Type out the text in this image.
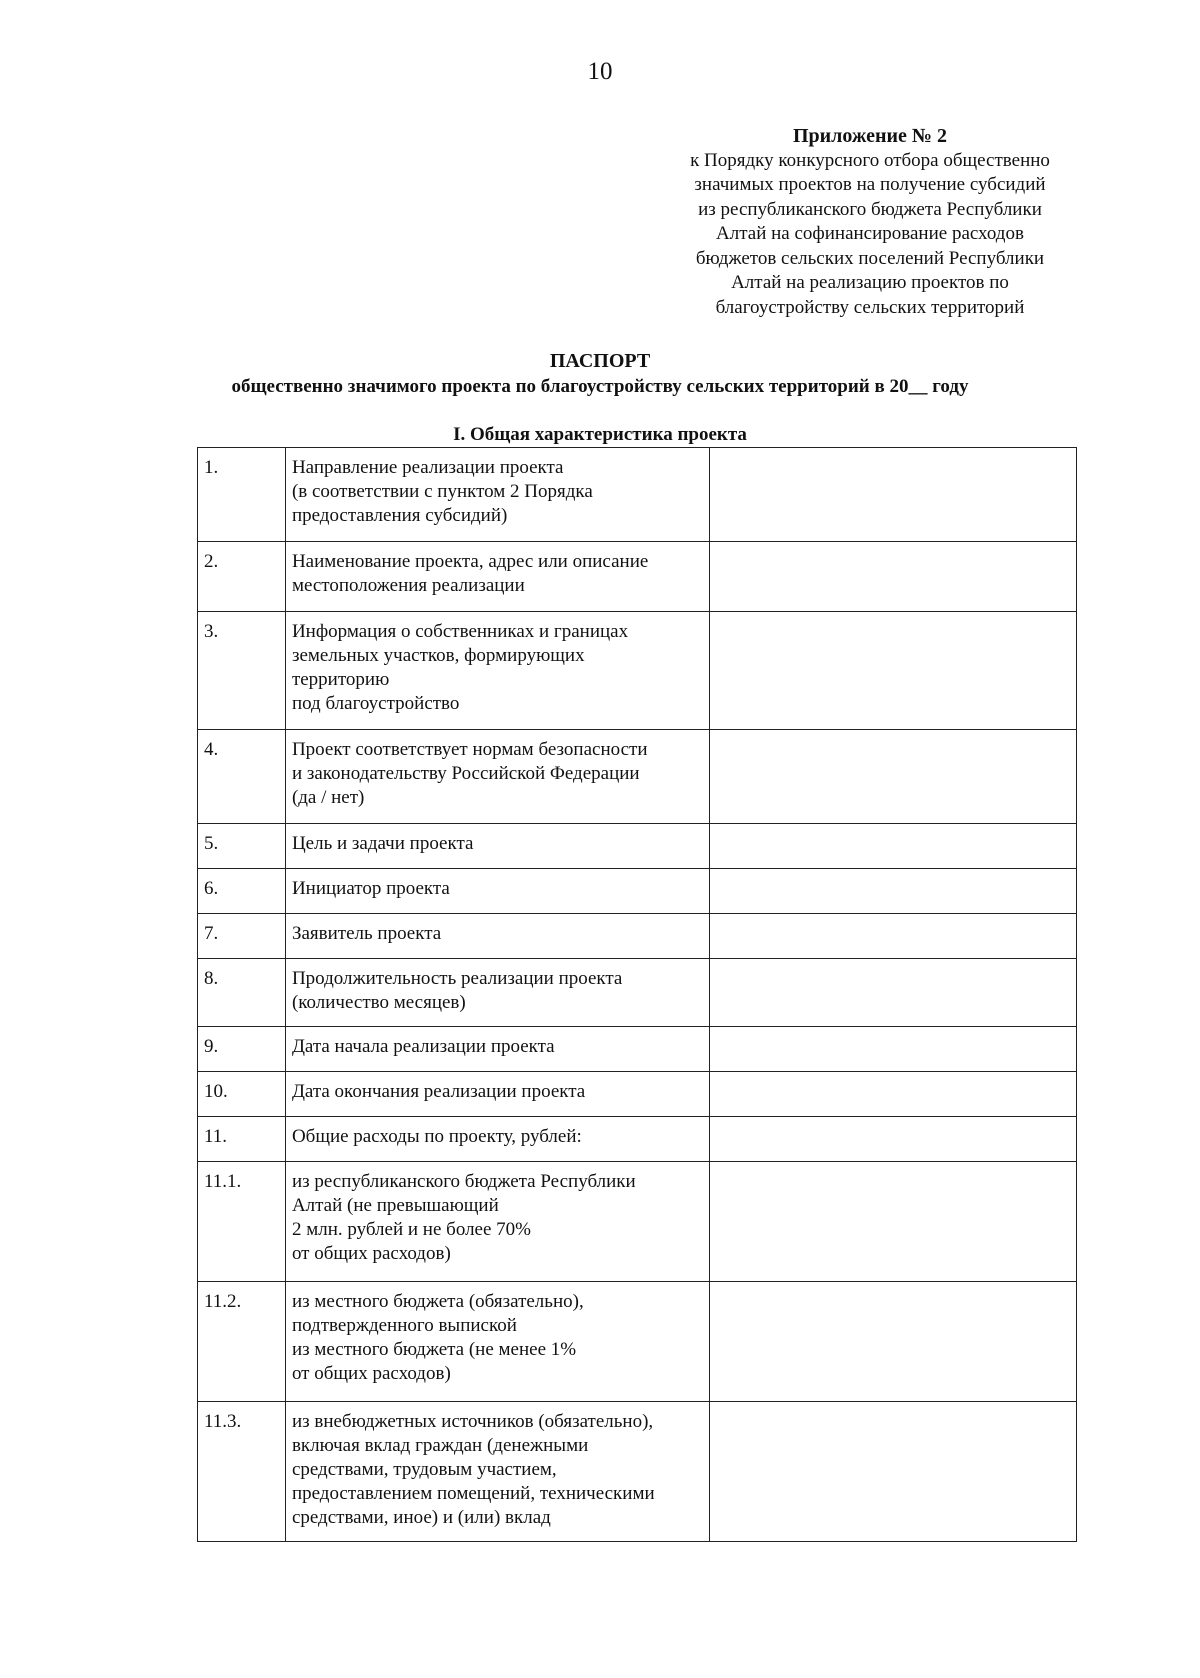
10
Приложение № 2
к Порядку конкурсного отбора общественно
значимых проектов на получение субсидий
из республиканского бюджета Республики
Алтай на софинансирование расходов
бюджетов сельских поселений Республики
Алтай на реализацию проектов по
благоустройству сельских территорий
ПАСПОРТ
общественно значимого проекта по благоустройству сельских территорий в 20__ году
I. Общая характеристика проекта
1.	Направление реализации проекта
(в соответствии с пунктом 2 Порядка
предоставления субсидий)	

2.	Наименование проекта, адрес или описание
местоположения реализации	

3.	Информация о собственниках и границах
земельных участков, формирующих
территорию
под благоустройство	

4.	Проект соответствует нормам безопасности
и законодательству Российской Федерации
(да / нет)	

5.	Цель и задачи проекта	

6.	Инициатор проекта	

7.	Заявитель проекта	

8.	Продолжительность реализации проекта
(количество месяцев)	

9.	Дата начала реализации проекта	

10.	Дата окончания реализации проекта	

11.	Общие расходы по проекту, рублей:	

11.1.	из республиканского бюджета Республики
Алтай (не превышающий
2 млн. рублей и не более 70%
от общих расходов)	

11.2.	из местного бюджета (обязательно),
подтвержденного выпиской
из местного бюджета (не менее 1%
от общих расходов)	

11.3.	из внебюджетных источников (обязательно),
включая вклад граждан (денежными
средствами, трудовым участием,
предоставлением помещений, техническими
средствами, иное) и (или) вклад	
